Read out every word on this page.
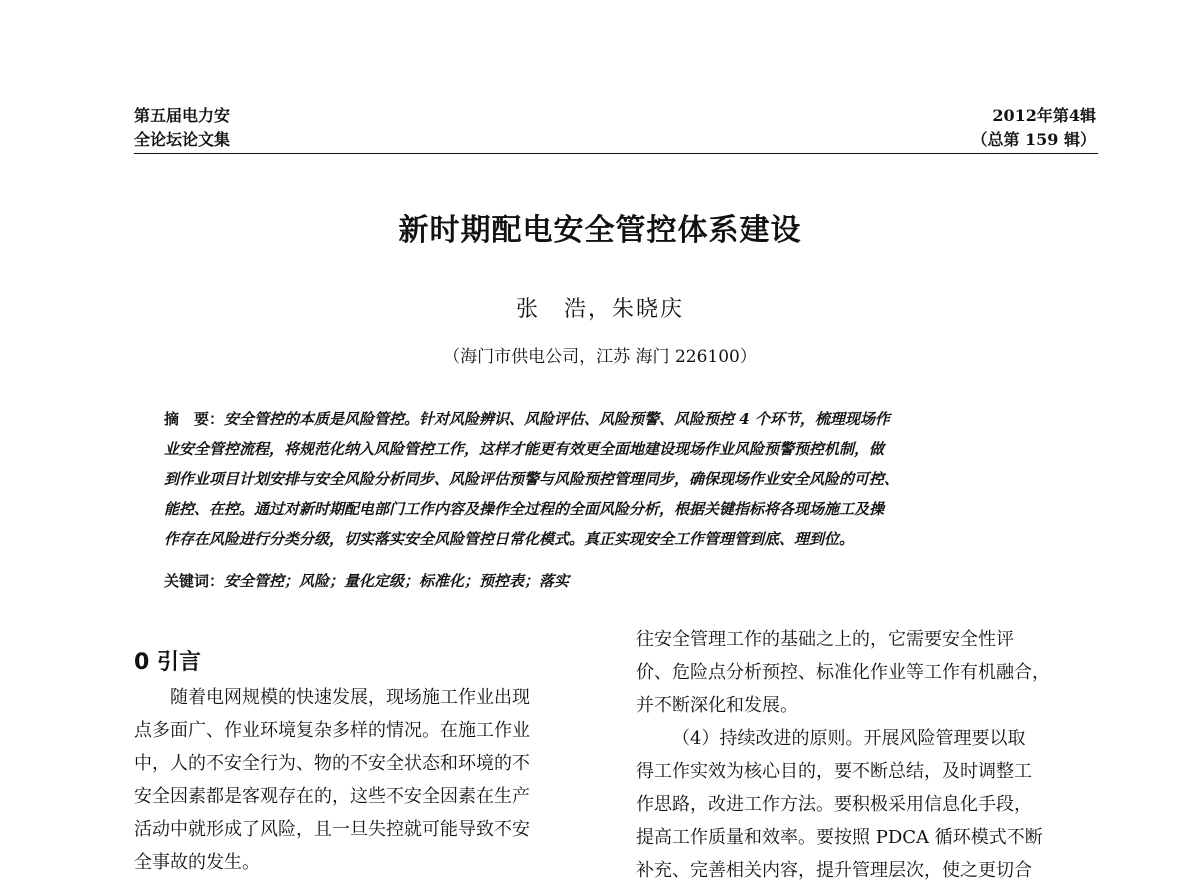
第五届电力安
全论坛论文集
2012年第4辑
（总第 159 辑）
新时期配电安全管控体系建设
张　浩，朱晓庆
（海门市供电公司，江苏 海门 226100）
摘　要：安全管控的本质是风险管控。针对风险辨识、风险评估、风险预警、风险预控 4 个环节，梳理现场作
业安全管控流程，将规范化纳入风险管控工作，这样才能更有效更全面地建设现场作业风险预警预控机制，做
到作业项目计划安排与安全风险分析同步、风险评估预警与风险预控管理同步，确保现场作业安全风险的可控、
能控、在控。通过对新时期配电部门工作内容及操作全过程的全面风险分析，根据关键指标将各现场施工及操
作存在风险进行分类分级，切实落实安全风险管控日常化模式。真正实现安全工作管理管到底、理到位。
关键词：安全管控；风险；量化定级；标准化；预控表；落实
0 引言
随着电网规模的快速发展，现场施工作业出现
点多面广、作业环境复杂多样的情况。在施工作业
中，人的不安全行为、物的不安全状态和环境的不
安全因素都是客观存在的，这些不安全因素在生产
活动中就形成了风险，且一旦失控就可能导致不安
全事故的发生。
往安全管理工作的基础之上的，它需要安全性评
价、危险点分析预控、标准化作业等工作有机融合，
并不断深化和发展。
（4）持续改进的原则。开展风险管理要以取
得工作实效为核心目的，要不断总结，及时调整工
作思路，改进工作方法。要积极采用信息化手段，
提高工作质量和效率。要按照 PDCA 循环模式不断
补充、完善相关内容，提升管理层次，使之更切合
